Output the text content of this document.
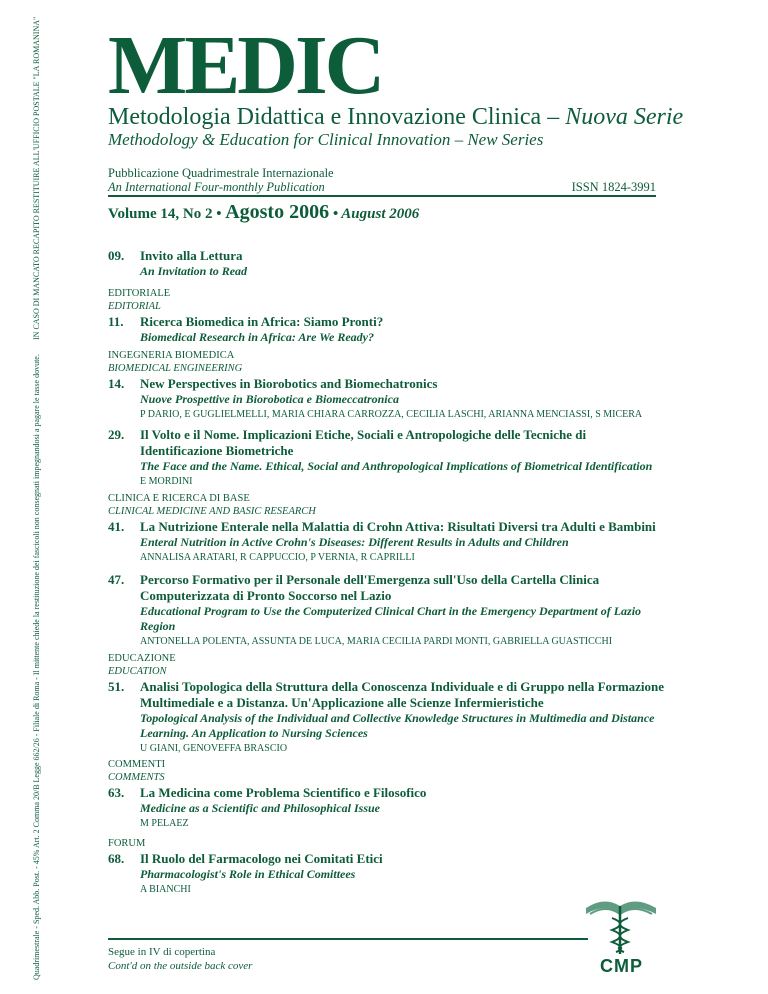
IN CASO DI MANCATO RECAPITO RESTITUIRE ALL'UFFICIO POSTALE "LA ROMANINA"
Quadrimestrale - Sped. Abb. Post. - 45% Art. 2 Comma 20/B Legge 662/26 - Filiale di Roma - Il mittente chiede la restituzione dei fascicoli non consegnati impegnandosi a pagare le tasse dovute.
MEDIC
Metodologia Didattica e Innovazione Clinica – Nuova Serie
Methodology & Education for Clinical Innovation – New Series
Pubblicazione Quadrimestrale Internazionale
An International Four-monthly Publication	ISSN 1824-3991
Volume 14, No 2 • Agosto 2006 • August 2006
09. Invito alla Lettura
An Invitation to Read
EDITORIALE
EDITORIAL
11. Ricerca Biomedica in Africa: Siamo Pronti?
Biomedical Research in Africa: Are We Ready?
INGEGNERIA BIOMEDICA
BIOMEDICAL ENGINEERING
14. New Perspectives in Biorobotics and Biomechatronics
Nuove Prospettive in Biorobotica e Biomeccatronica
P DARIO, E GUGLIELMELLI, MARIA CHIARA CARROZZA, CECILIA LASCHI, ARIANNA MENCIASSI, S MICERA
29. Il Volto e il Nome. Implicazioni Etiche, Sociali e Antropologiche delle Tecniche di Identificazione Biometriche
The Face and the Name. Ethical, Social and Anthropological Implications of Biometrical Identification
E MORDINI
CLINICA E RICERCA DI BASE
CLINICAL MEDICINE AND BASIC RESEARCH
41. La Nutrizione Enterale nella Malattia di Crohn Attiva: Risultati Diversi tra Adulti e Bambini
Enteral Nutrition in Active Crohn's Diseases: Different Results in Adults and Children
ANNALISA ARATARI, R CAPPUCCIO, P VERNIA, R CAPRILLI
47. Percorso Formativo per il Personale dell'Emergenza sull'Uso della Cartella Clinica Computerizzata di Pronto Soccorso nel Lazio
Educational Program to Use the Computerized Clinical Chart in the Emergency Department of Lazio Region
ANTONELLA POLENTA, ASSUNTA DE LUCA, MARIA CECILIA PARDI MONTI, GABRIELLA GUASTICCHI
EDUCAZIONE
EDUCATION
51. Analisi Topologica della Struttura della Conoscenza Individuale e di Gruppo nella Formazione Multimediale e a Distanza. Un'Applicazione alle Scienze Infermieristiche
Topological Analysis of the Individual and Collective Knowledge Structures in Multimedia and Distance Learning. An Application to Nursing Sciences
U GIANI, GENOVEFFA BRASCIO
COMMENTI
COMMENTS
63. La Medicina come Problema Scientifico e Filosofico
Medicine as a Scientific and Philosophical Issue
M PELAEZ
FORUM
68. Il Ruolo del Farmacologo nei Comitati Etici
Pharmacologist's Role in Ethical Comittees
A BIANCHI
Segue in IV di copertina
Cont'd on the outside back cover	CMP
